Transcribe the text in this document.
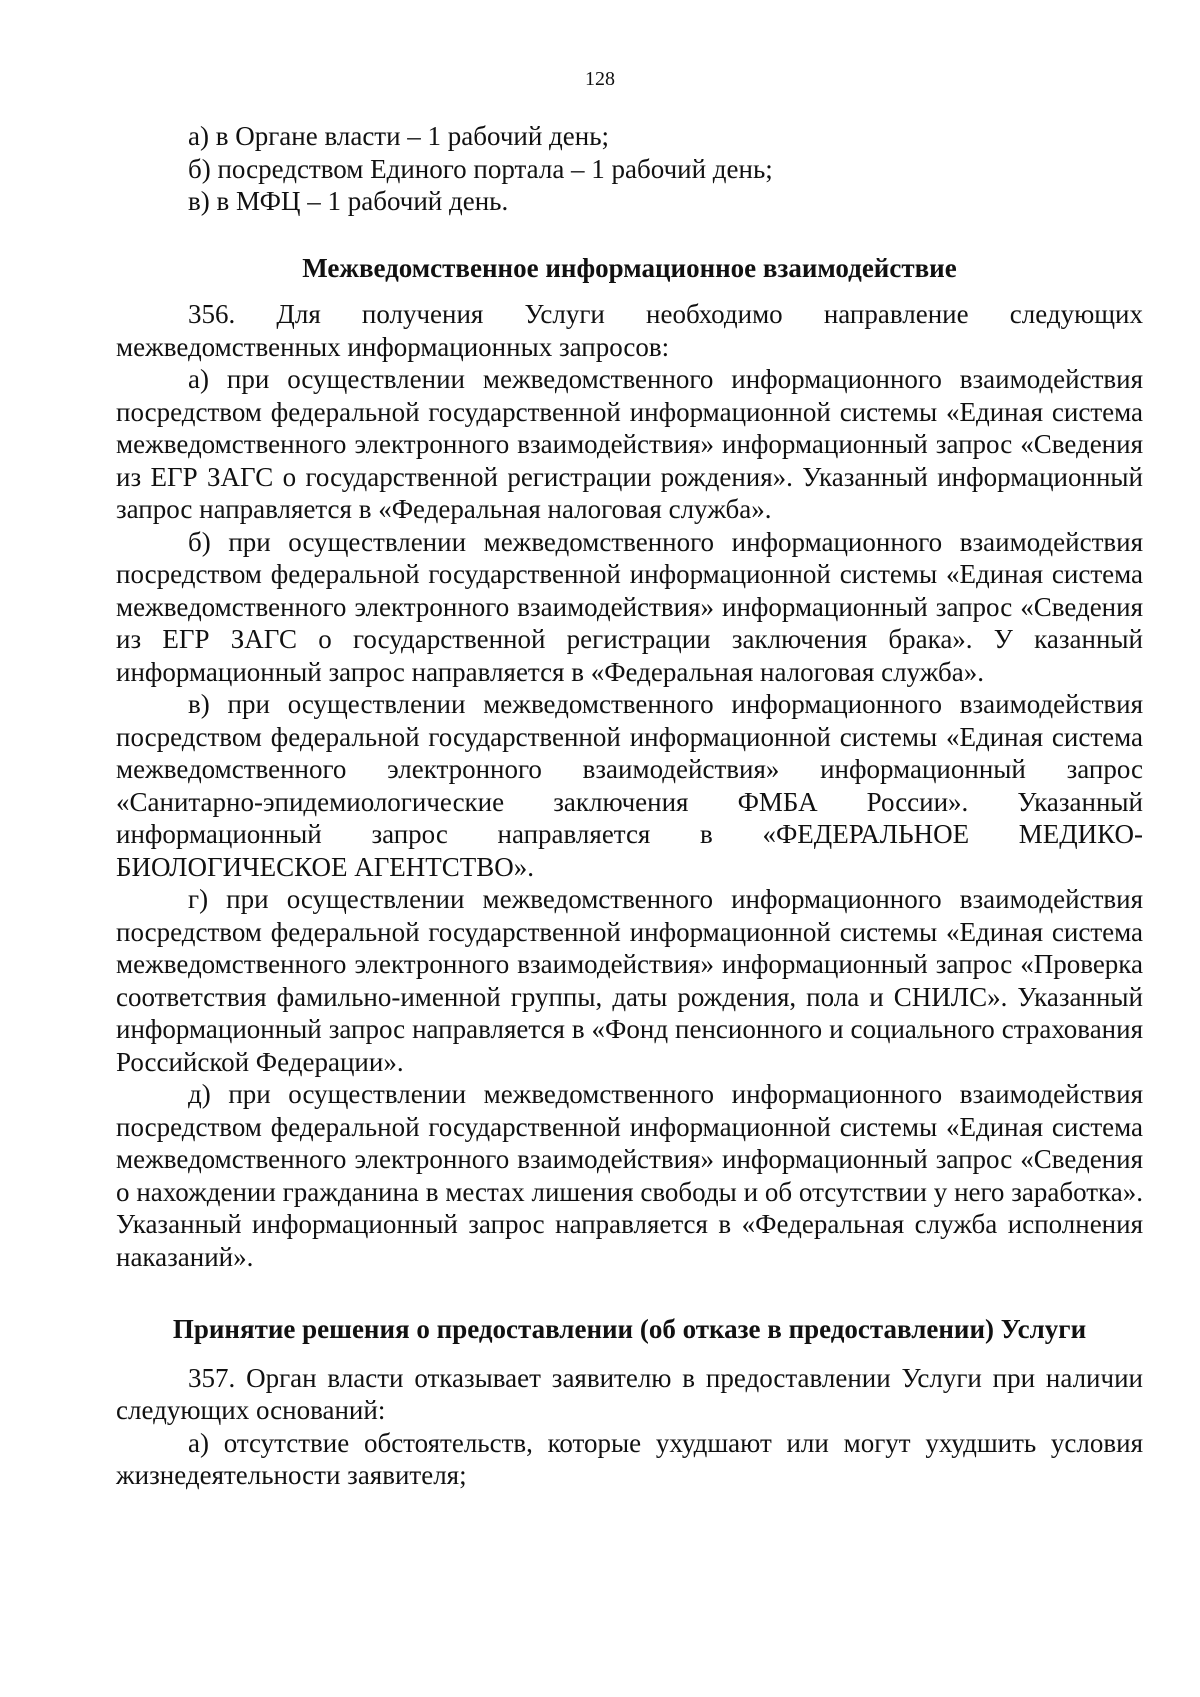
128

а) в Органе власти – 1 рабочий день;

б) посредством Единого портала – 1 рабочий день;

в) в МФЦ – 1 рабочий день.

Межведомственное информационное взаимодействие

356. Для получения Услуги необходимо направление следующих межведомственных информационных запросов:

а) при осуществлении межведомственного информационного взаимодействия посредством федеральной государственной информационной системы «Единая система межведомственного электронного взаимодействия» информационный запрос «Сведения из ЕГР ЗАГС о государственной регистрации рождения». Указанный информационный запрос направляется в «Федеральная налоговая служба».

б) при осуществлении межведомственного информационного взаимодействия посредством федеральной государственной информационной системы «Единая система межведомственного электронного взаимодействия» информационный запрос «Сведения из ЕГР ЗАГС о государственной регистрации заключения брака». У казанный информационный запрос направляется в «Федеральная налоговая служба».

в) при осуществлении межведомственного информационного взаимодействия посредством федеральной государственной информационной системы «Единая система межведомственного электронного взаимодействия» информационный запрос «Санитарно-эпидемиологические заключения ФМБА России». Указанный информационный запрос направляется в «ФЕДЕРАЛЬНОЕ МЕДИКО-БИОЛОГИЧЕСКОЕ АГЕНТСТВО».

г) при осуществлении межведомственного информационного взаимодействия посредством федеральной государственной информационной системы «Единая система межведомственного электронного взаимодействия» информационный запрос «Проверка соответствия фамильно-именной группы, даты рождения, пола и СНИЛС». Указанный информационный запрос направляется в «Фонд пенсионного и социального страхования Российской Федерации».

д) при осуществлении межведомственного информационного взаимодействия посредством федеральной государственной информационной системы «Единая система межведомственного электронного взаимодействия» информационный запрос «Сведения о нахождении гражданина в местах лишения свободы и об отсутствии у него заработка». Указанный информационный запрос направляется в «Федеральная служба исполнения наказаний».

Принятие решения о предоставлении (об отказе в предоставлении) Услуги

357. Орган власти отказывает заявителю в предоставлении Услуги при наличии следующих оснований:

а) отсутствие обстоятельств, которые ухудшают или могут ухудшить условия жизнедеятельности заявителя;
